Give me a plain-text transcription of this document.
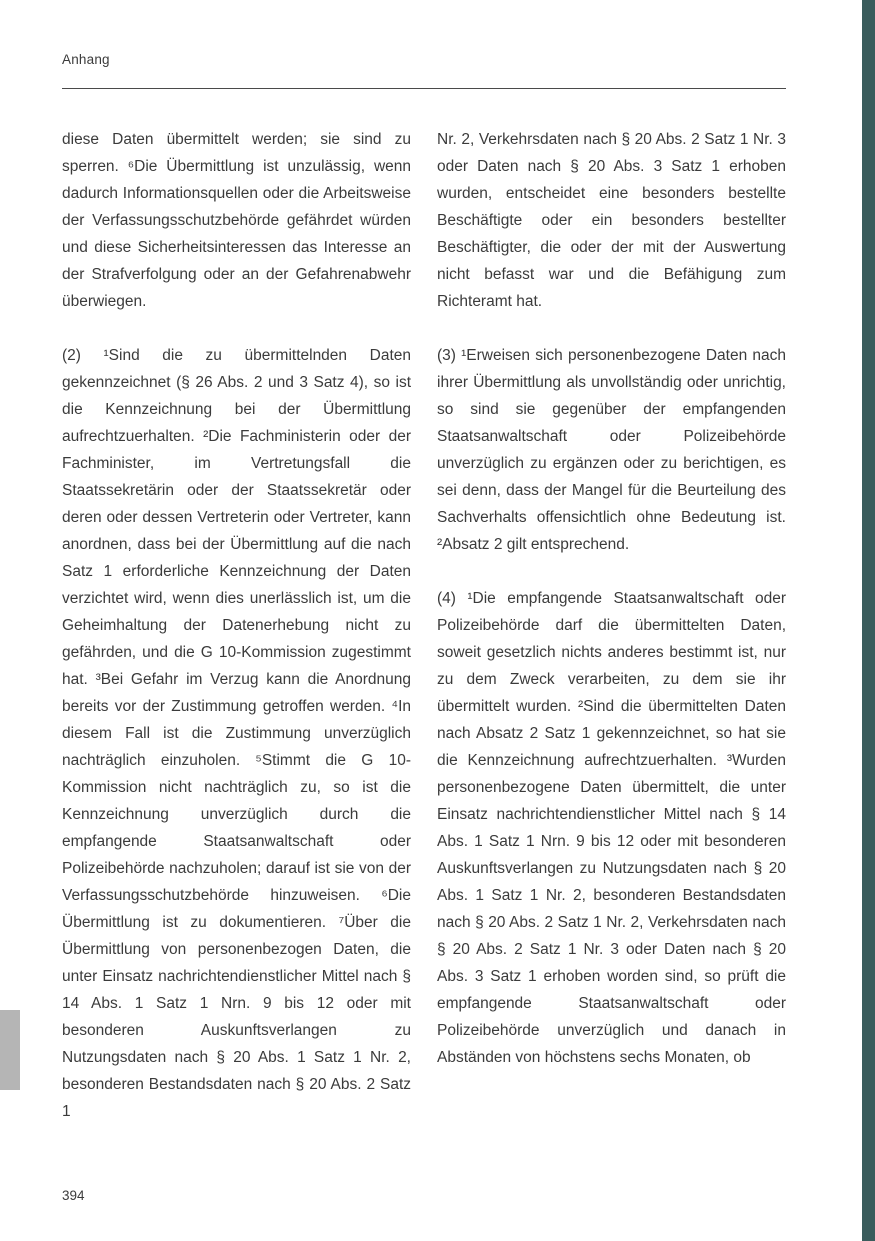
Anhang

diese Daten übermittelt werden; sie sind zu sperren. ⁶Die Übermittlung ist unzulässig, wenn dadurch Informationsquellen oder die Arbeitsweise der Verfassungsschutzbehörde gefährdet würden und diese Sicherheitsinteressen das Interesse an der Strafverfolgung oder an der Gefahrenabwehr überwiegen.

(2) ¹Sind die zu übermittelnden Daten gekennzeichnet (§ 26 Abs. 2 und 3 Satz 4), so ist die Kennzeichnung bei der Übermittlung aufrechtzuerhalten. ²Die Fachministerin oder der Fachminister, im Vertretungsfall die Staatssekretärin oder der Staatssekretär oder deren oder dessen Vertreterin oder Vertreter, kann anordnen, dass bei der Übermittlung auf die nach Satz 1 erforderliche Kennzeichnung der Daten verzichtet wird, wenn dies unerlässlich ist, um die Geheimhaltung der Datenerhebung nicht zu gefährden, und die G 10-Kommission zugestimmt hat. ³Bei Gefahr im Verzug kann die Anordnung bereits vor der Zustimmung getroffen werden. ⁴In diesem Fall ist die Zustimmung unverzüglich nachträglich einzuholen. ⁵Stimmt die G 10-Kommission nicht nachträglich zu, so ist die Kennzeichnung unverzüglich durch die empfangende Staatsanwaltschaft oder Polizeibehörde nachzuholen; darauf ist sie von der Verfassungsschutzbehörde hinzuweisen. ⁶Die Übermittlung ist zu dokumentieren. ⁷Über die Übermittlung von personenbezogen Daten, die unter Einsatz nachrichtendienstlicher Mittel nach § 14 Abs. 1 Satz 1 Nrn. 9 bis 12 oder mit besonderen Auskunftsverlangen zu Nutzungsdaten nach § 20 Abs. 1 Satz 1 Nr. 2, besonderen Bestandsdaten nach § 20 Abs. 2 Satz 1

Nr. 2, Verkehrsdaten nach § 20 Abs. 2 Satz 1 Nr. 3 oder Daten nach § 20 Abs. 3 Satz 1 erhoben wurden, entscheidet eine besonders bestellte Beschäftigte oder ein besonders bestellter Beschäftigter, die oder der mit der Auswertung nicht befasst war und die Befähigung zum Richteramt hat.

(3) ¹Erweisen sich personenbezogene Daten nach ihrer Übermittlung als unvollständig oder unrichtig, so sind sie gegenüber der empfangenden Staatsanwaltschaft oder Polizeibehörde unverzüglich zu ergänzen oder zu berichtigen, es sei denn, dass der Mangel für die Beurteilung des Sachverhalts offensichtlich ohne Bedeutung ist. ²Absatz 2 gilt entsprechend.

(4) ¹Die empfangende Staatsanwaltschaft oder Polizeibehörde darf die übermittelten Daten, soweit gesetzlich nichts anderes bestimmt ist, nur zu dem Zweck verarbeiten, zu dem sie ihr übermittelt wurden. ²Sind die übermittelten Daten nach Absatz 2 Satz 1 gekennzeichnet, so hat sie die Kennzeichnung aufrechtzuerhalten. ³Wurden personenbezogene Daten übermittelt, die unter Einsatz nachrichtendienstlicher Mittel nach § 14 Abs. 1 Satz 1 Nrn. 9 bis 12 oder mit besonderen Auskunftsverlangen zu Nutzungsdaten nach § 20 Abs. 1 Satz 1 Nr. 2, besonderen Bestandsdaten nach § 20 Abs. 2 Satz 1 Nr. 2, Verkehrsdaten nach § 20 Abs. 2 Satz 1 Nr. 3 oder Daten nach § 20 Abs. 3 Satz 1 erhoben worden sind, so prüft die empfangende Staatsanwaltschaft oder Polizeibehörde unverzüglich und danach in Abständen von höchstens sechs Monaten, ob

394
